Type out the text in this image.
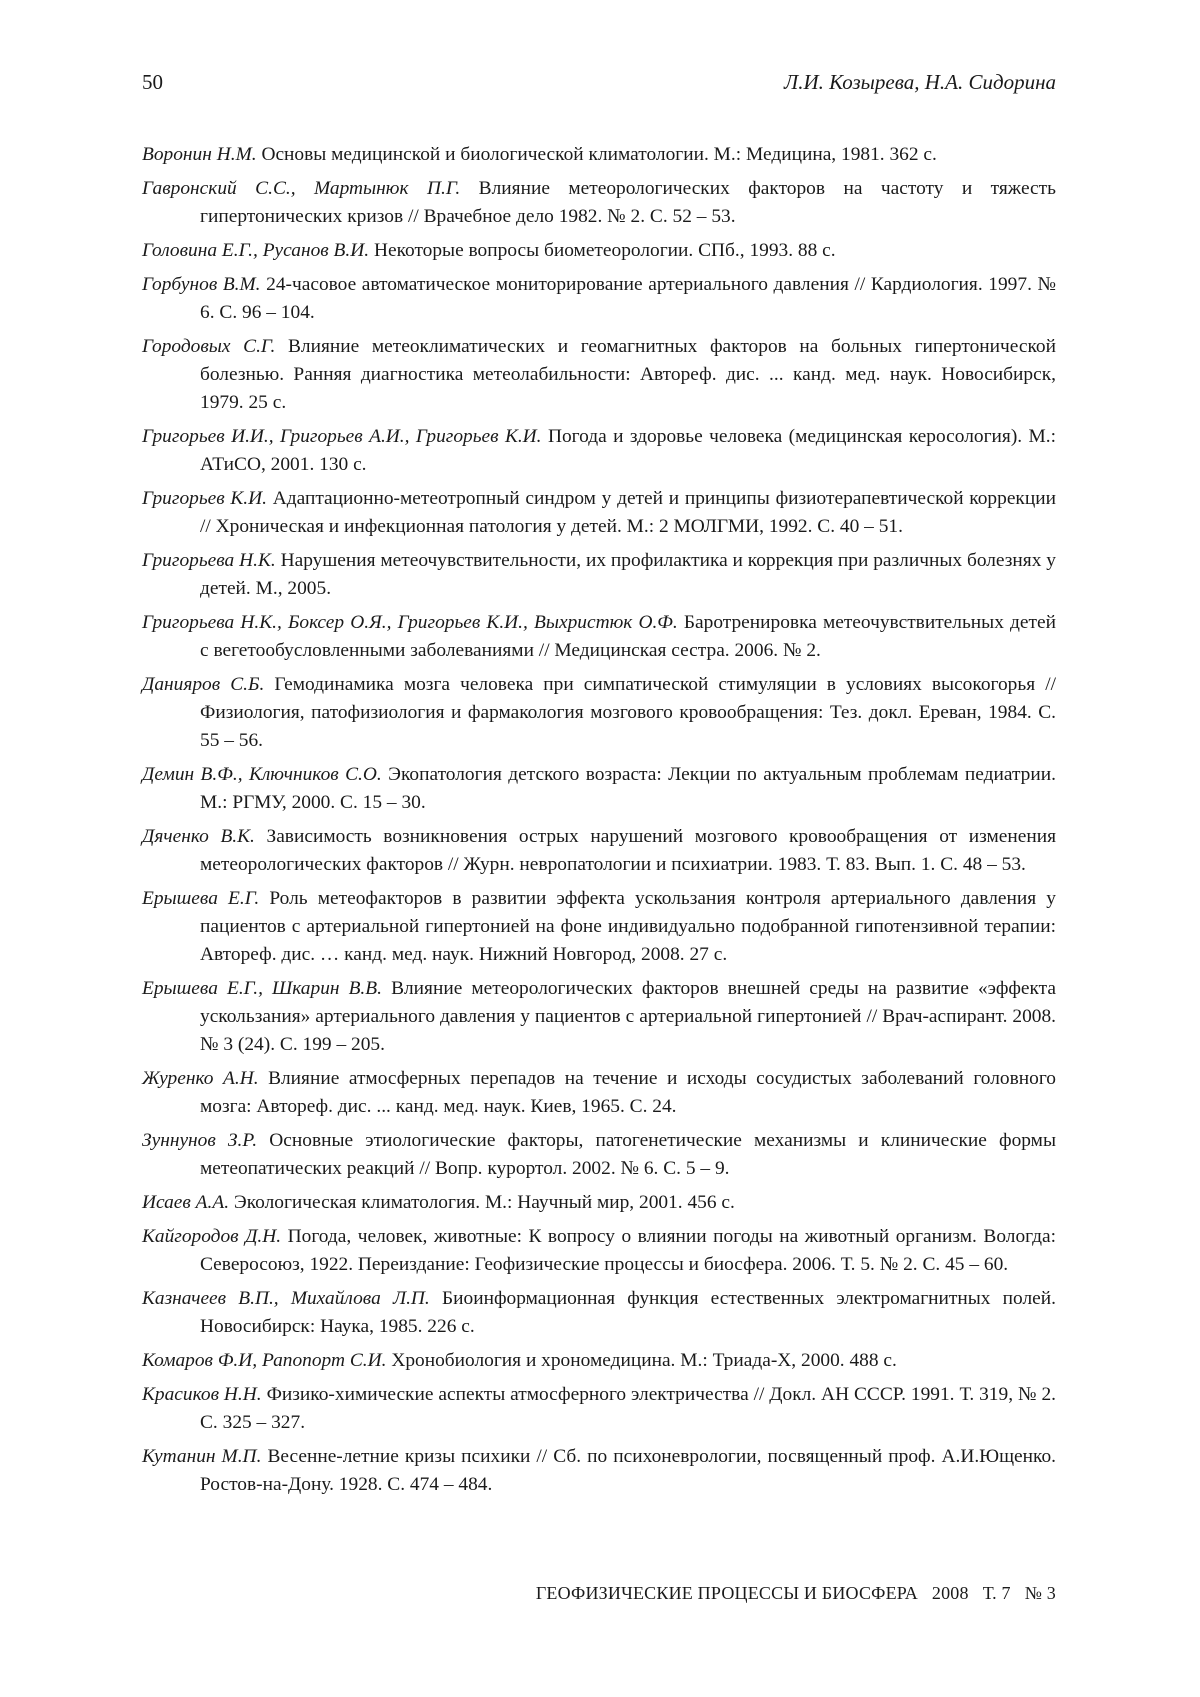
50	Л.И. Козырева, Н.А. Сидорина
Воронин Н.М. Основы медицинской и биологической климатологии. М.: Медицина, 1981. 362 с.
Гавронский С.С., Мартынюк П.Г. Влияние метеорологических факторов на частоту и тяжесть гипертонических кризов // Врачебное дело 1982. № 2. С. 52 – 53.
Головина Е.Г., Русанов В.И. Некоторые вопросы биометеорологии. СПб., 1993. 88 с.
Горбунов В.М. 24-часовое автоматическое мониторирование артериального давления // Кардиология. 1997. № 6. С. 96 – 104.
Городовых С.Г. Влияние метеоклиматических и геомагнитных факторов на больных гипертонической болезнью. Ранняя диагностика метеолабильности: Автореф. дис. ... канд. мед. наук. Новосибирск, 1979. 25 с.
Григорьев И.И., Григорьев А.И., Григорьев К.И. Погода и здоровье человека (медицинская керосология). М.: АТиСО, 2001. 130 с.
Григорьев К.И. Адаптационно-метеотропный синдром у детей и принципы физиотерапевтической коррекции // Хроническая и инфекционная патология у детей. М.: 2 МОЛГМИ, 1992. С. 40 – 51.
Григорьева Н.К. Нарушения метеочувствительности, их профилактика и коррекция при различных болезнях у детей. М., 2005.
Григорьева Н.К., Боксер О.Я., Григорьев К.И., Выхристюк О.Ф. Баротренировка метеочувствительных детей с вегетообусловленными заболеваниями // Медицинская сестра. 2006. № 2.
Данияров С.Б. Гемодинамика мозга человека при симпатической стимуляции в условиях высокогорья // Физиология, патофизиология и фармакология мозгового кровообращения: Тез. докл. Ереван, 1984. С. 55 – 56.
Демин В.Ф., Ключников С.О. Экопатология детского возраста: Лекции по актуальным проблемам педиатрии. М.: РГМУ, 2000. С. 15 – 30.
Дяченко В.К. Зависимость возникновения острых нарушений мозгового кровообращения от изменения метеорологических факторов // Журн. невропатологии и психиатрии. 1983. Т. 83. Вып. 1. С. 48 – 53.
Ерышева Е.Г. Роль метеофакторов в развитии эффекта ускользания контроля артериального давления у пациентов с артериальной гипертонией на фоне индивидуально подобранной гипотензивной терапии: Автореф. дис. … канд. мед. наук. Нижний Новгород, 2008. 27 с.
Ерышева Е.Г., Шкарин В.В. Влияние метеорологических факторов внешней среды на развитие «эффекта ускользания» артериального давления у пациентов с артериальной гипертонией // Врач-аспирант. 2008. № 3 (24). С. 199 – 205.
Журенко А.Н. Влияние атмосферных перепадов на течение и исходы сосудистых заболеваний головного мозга: Автореф. дис. ... канд. мед. наук. Киев, 1965. С. 24.
Зуннунов З.Р. Основные этиологические факторы, патогенетические механизмы и клинические формы метеопатических реакций // Вопр. курортол. 2002. № 6. С. 5 – 9.
Исаев А.А. Экологическая климатология. М.: Научный мир, 2001. 456 с.
Кайгородов Д.Н. Погода, человек, животные: К вопросу о влиянии погоды на животный организм. Вологда: Северосоюз, 1922. Переиздание: Геофизические процессы и биосфера. 2006. Т. 5. № 2. С. 45 – 60.
Казначеев В.П., Михайлова Л.П. Биоинформационная функция естественных электромагнитных полей. Новосибирск: Наука, 1985. 226 с.
Комаров Ф.И, Рапопорт С.И. Хронобиология и хрономедицина. М.: Триада-Х, 2000. 488 с.
Красиков Н.Н. Физико-химические аспекты атмосферного электричества // Докл. АН СССР. 1991. Т. 319, № 2. С. 325 – 327.
Кутанин М.П. Весенне-летние кризы психики // Сб. по психоневрологии, посвященный проф. А.И.Ющенко. Ростов-на-Дону. 1928. С. 474 – 484.
ГЕОФИЗИЧЕСКИЕ ПРОЦЕССЫ И БИОСФЕРА 2008 Т. 7 № 3
